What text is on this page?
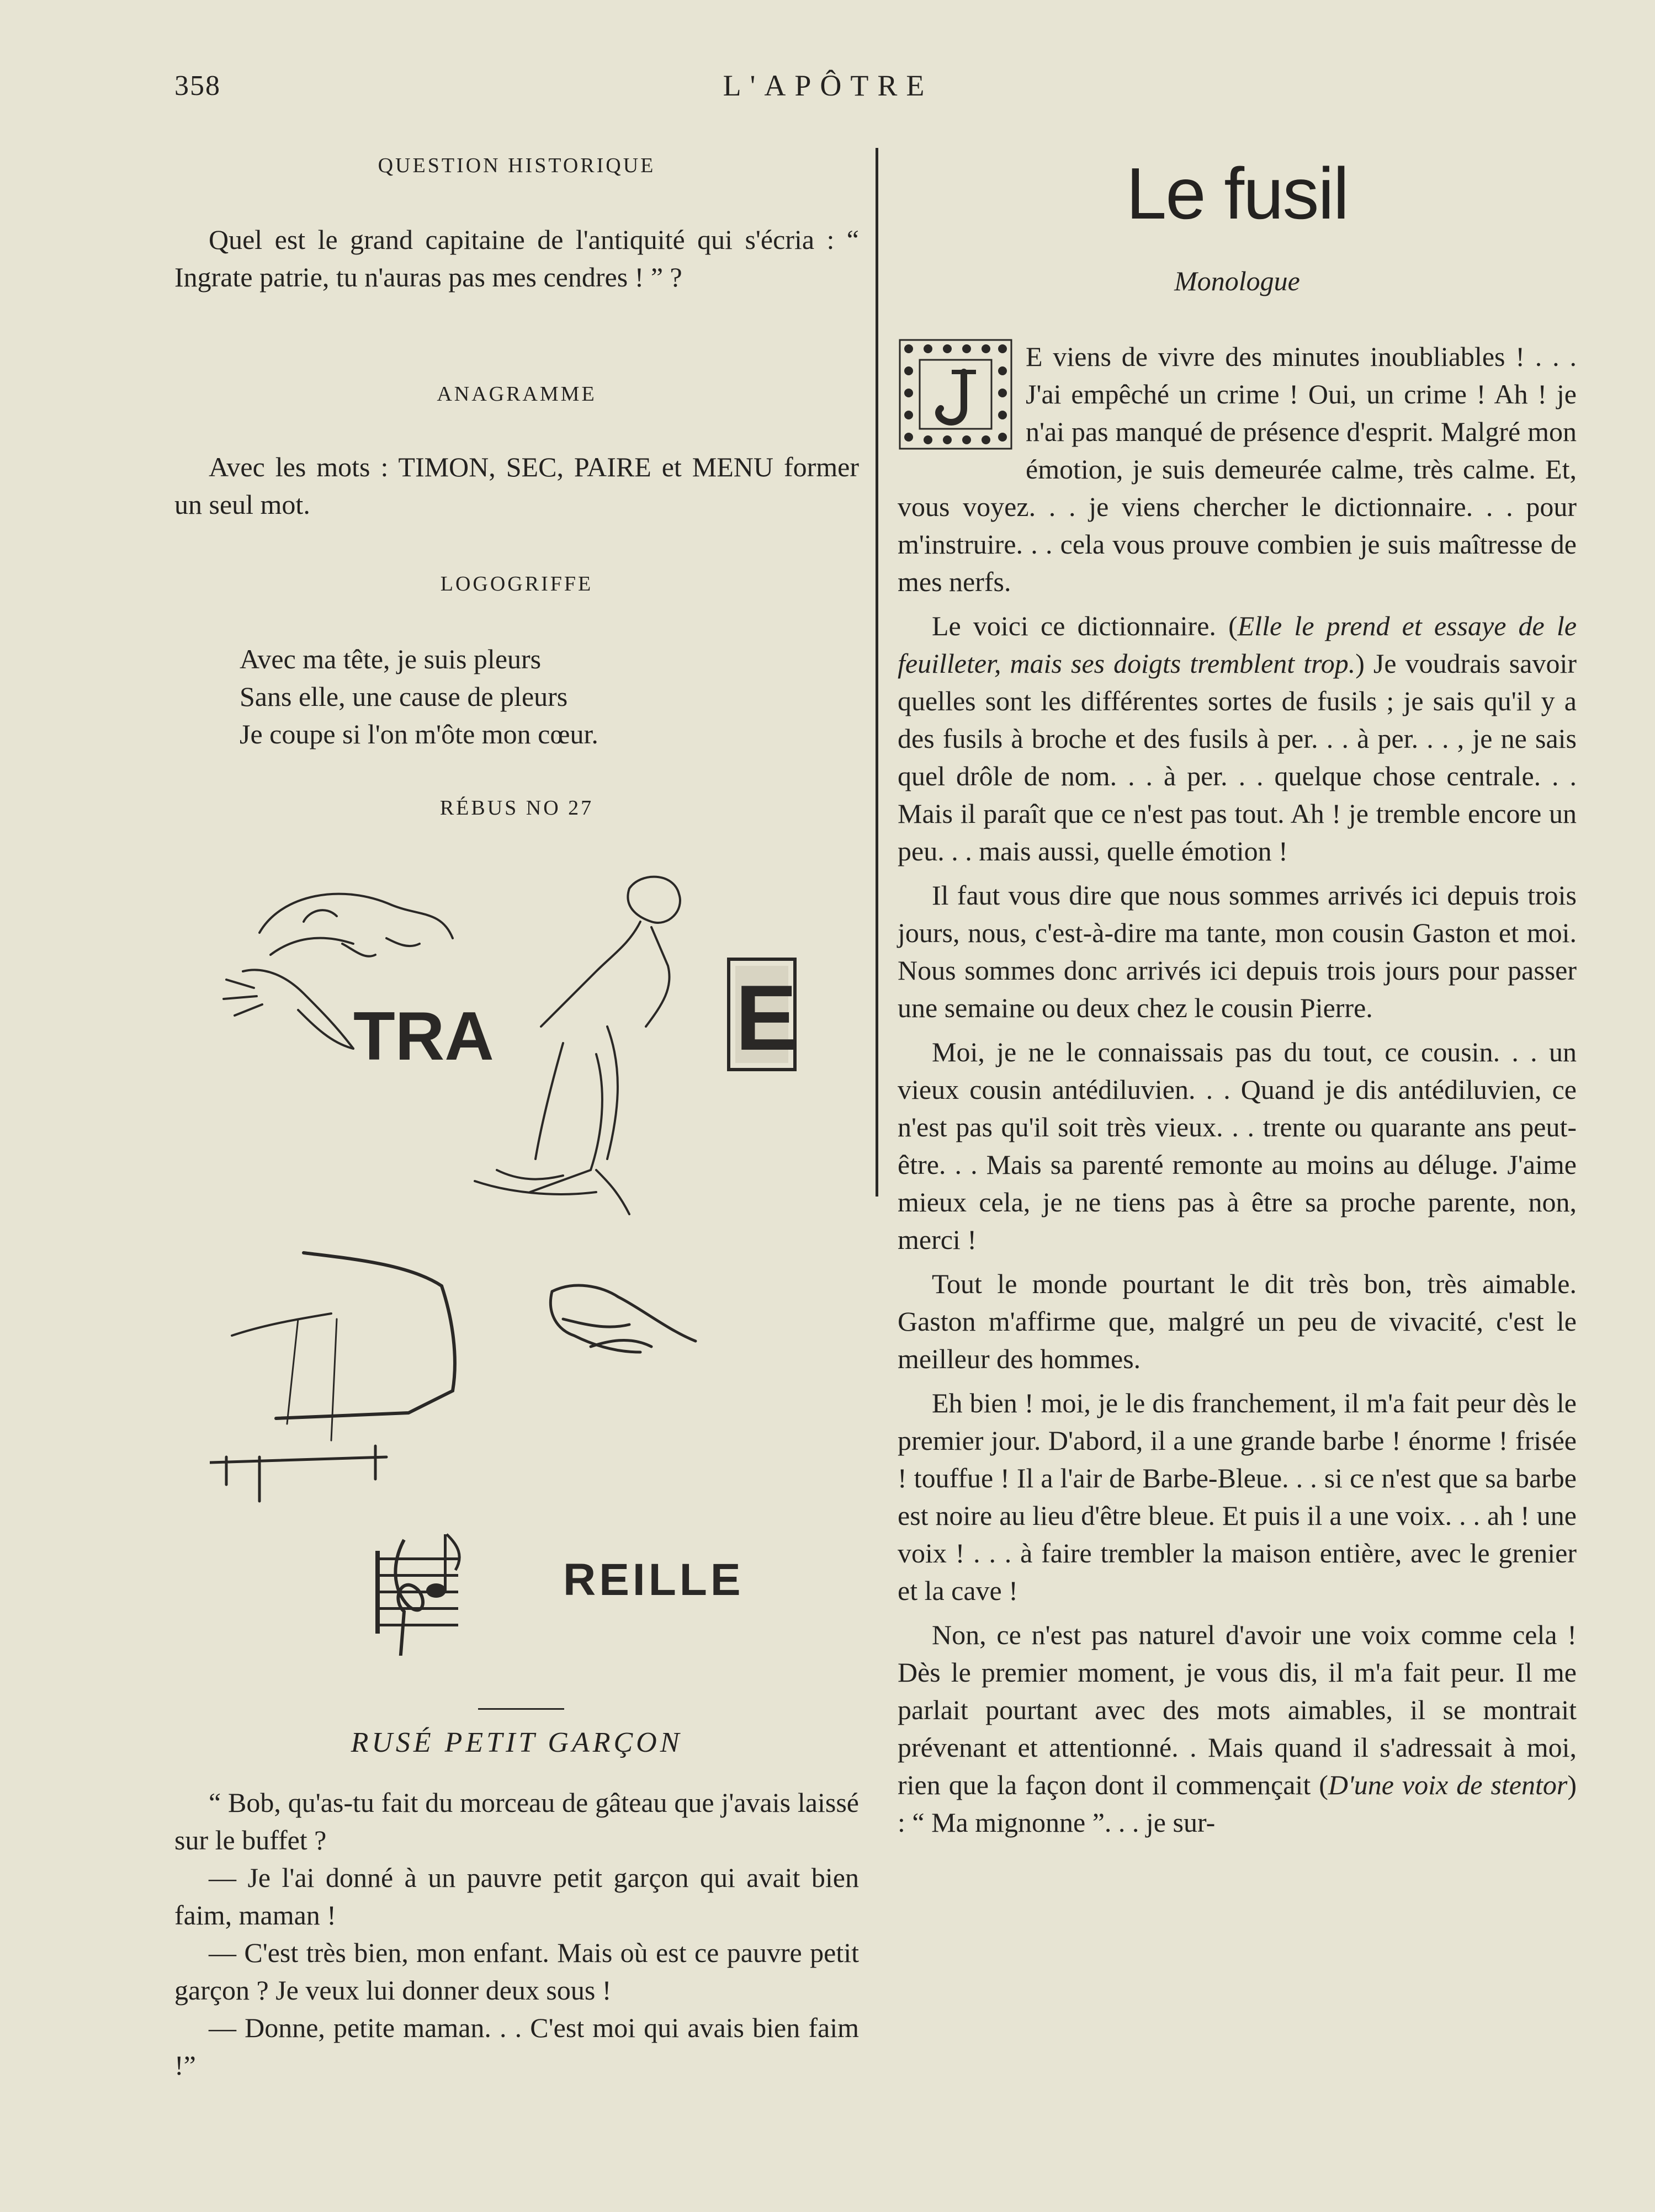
358	L'APÔTRE
QUESTION HISTORIQUE
Quel est le grand capitaine de l'antiquité qui s'écria : “ Ingrate patrie, tu n'auras pas mes cendres ! ” ?
ANAGRAMME
Avec les mots : TIMON, SEC, PAIRE et MENU former un seul mot.
LOGOGRIFFE
Avec ma tête, je suis pleurs
Sans elle, une cause de pleurs
Je coupe si l'on m'ôte mon cœur.
RÉBUS NO 27
TRA	E
REILLE
RUSÉ PETIT GARÇON

“ Bob, qu'as-tu fait du morceau de gâteau que j'avais laissé sur le buffet ?

— Je l'ai donné à un pauvre petit garçon qui avait bien faim, maman !

— C'est très bien, mon enfant. Mais où est ce pauvre petit garçon ? Je veux lui donner deux sous !

— Donne, petite maman. . . C'est moi qui avais bien faim !”

Le fusil
Monologue

E viens de vivre des minutes inoubliables ! . . . J'ai empêché un crime ! Oui, un crime ! Ah ! je n'ai pas manqué de présence d'esprit. Malgré mon émotion, je suis demeurée calme, très calme. Et, vous voyez. . . je viens chercher le dictionnaire. . . pour m'instruire. . . cela vous prouve combien je suis maîtresse de mes nerfs.

Le voici ce dictionnaire. (Elle le prend et essaye de le feuilleter, mais ses doigts tremblent trop.) Je voudrais savoir quelles sont les différentes sortes de fusils ; je sais qu'il y a des fusils à broche et des fusils à per. . . à per. . . , je ne sais quel drôle de nom. . . à per. . . quelque chose centrale. . . Mais il paraît que ce n'est pas tout. Ah ! je tremble encore un peu. . . mais aussi, quelle émotion !

Il faut vous dire que nous sommes arrivés ici depuis trois jours, nous, c'est-à-dire ma tante, mon cousin Gaston et moi. Nous sommes donc arrivés ici depuis trois jours pour passer une semaine ou deux chez le cousin Pierre.

Moi, je ne le connaissais pas du tout, ce cousin. . . un vieux cousin antédiluvien. . . Quand je dis antédiluvien, ce n'est pas qu'il soit très vieux. . . trente ou quarante ans peut-être. . . Mais sa parenté remonte au moins au déluge. J'aime mieux cela, je ne tiens pas à être sa proche parente, non, merci !

Tout le monde pourtant le dit très bon, très aimable. Gaston m'affirme que, malgré un peu de vivacité, c'est le meilleur des hommes.

Eh bien ! moi, je le dis franchement, il m'a fait peur dès le premier jour. D'abord, il a une grande barbe ! énorme ! frisée ! touffue ! Il a l'air de Barbe-Bleue. . . si ce n'est que sa barbe est noire au lieu d'être bleue. Et puis il a une voix. . . ah ! une voix ! . . . à faire trembler la maison entière, avec le grenier et la cave !

Non, ce n'est pas naturel d'avoir une voix comme cela ! Dès le premier moment, je vous dis, il m'a fait peur. Il me parlait pourtant avec des mots aimables, il se montrait prévenant et attentionné. . Mais quand il s'adressait à moi, rien que la façon dont il commençait (D'une voix de stentor) : “ Ma mignonne ”. . . je sur-
